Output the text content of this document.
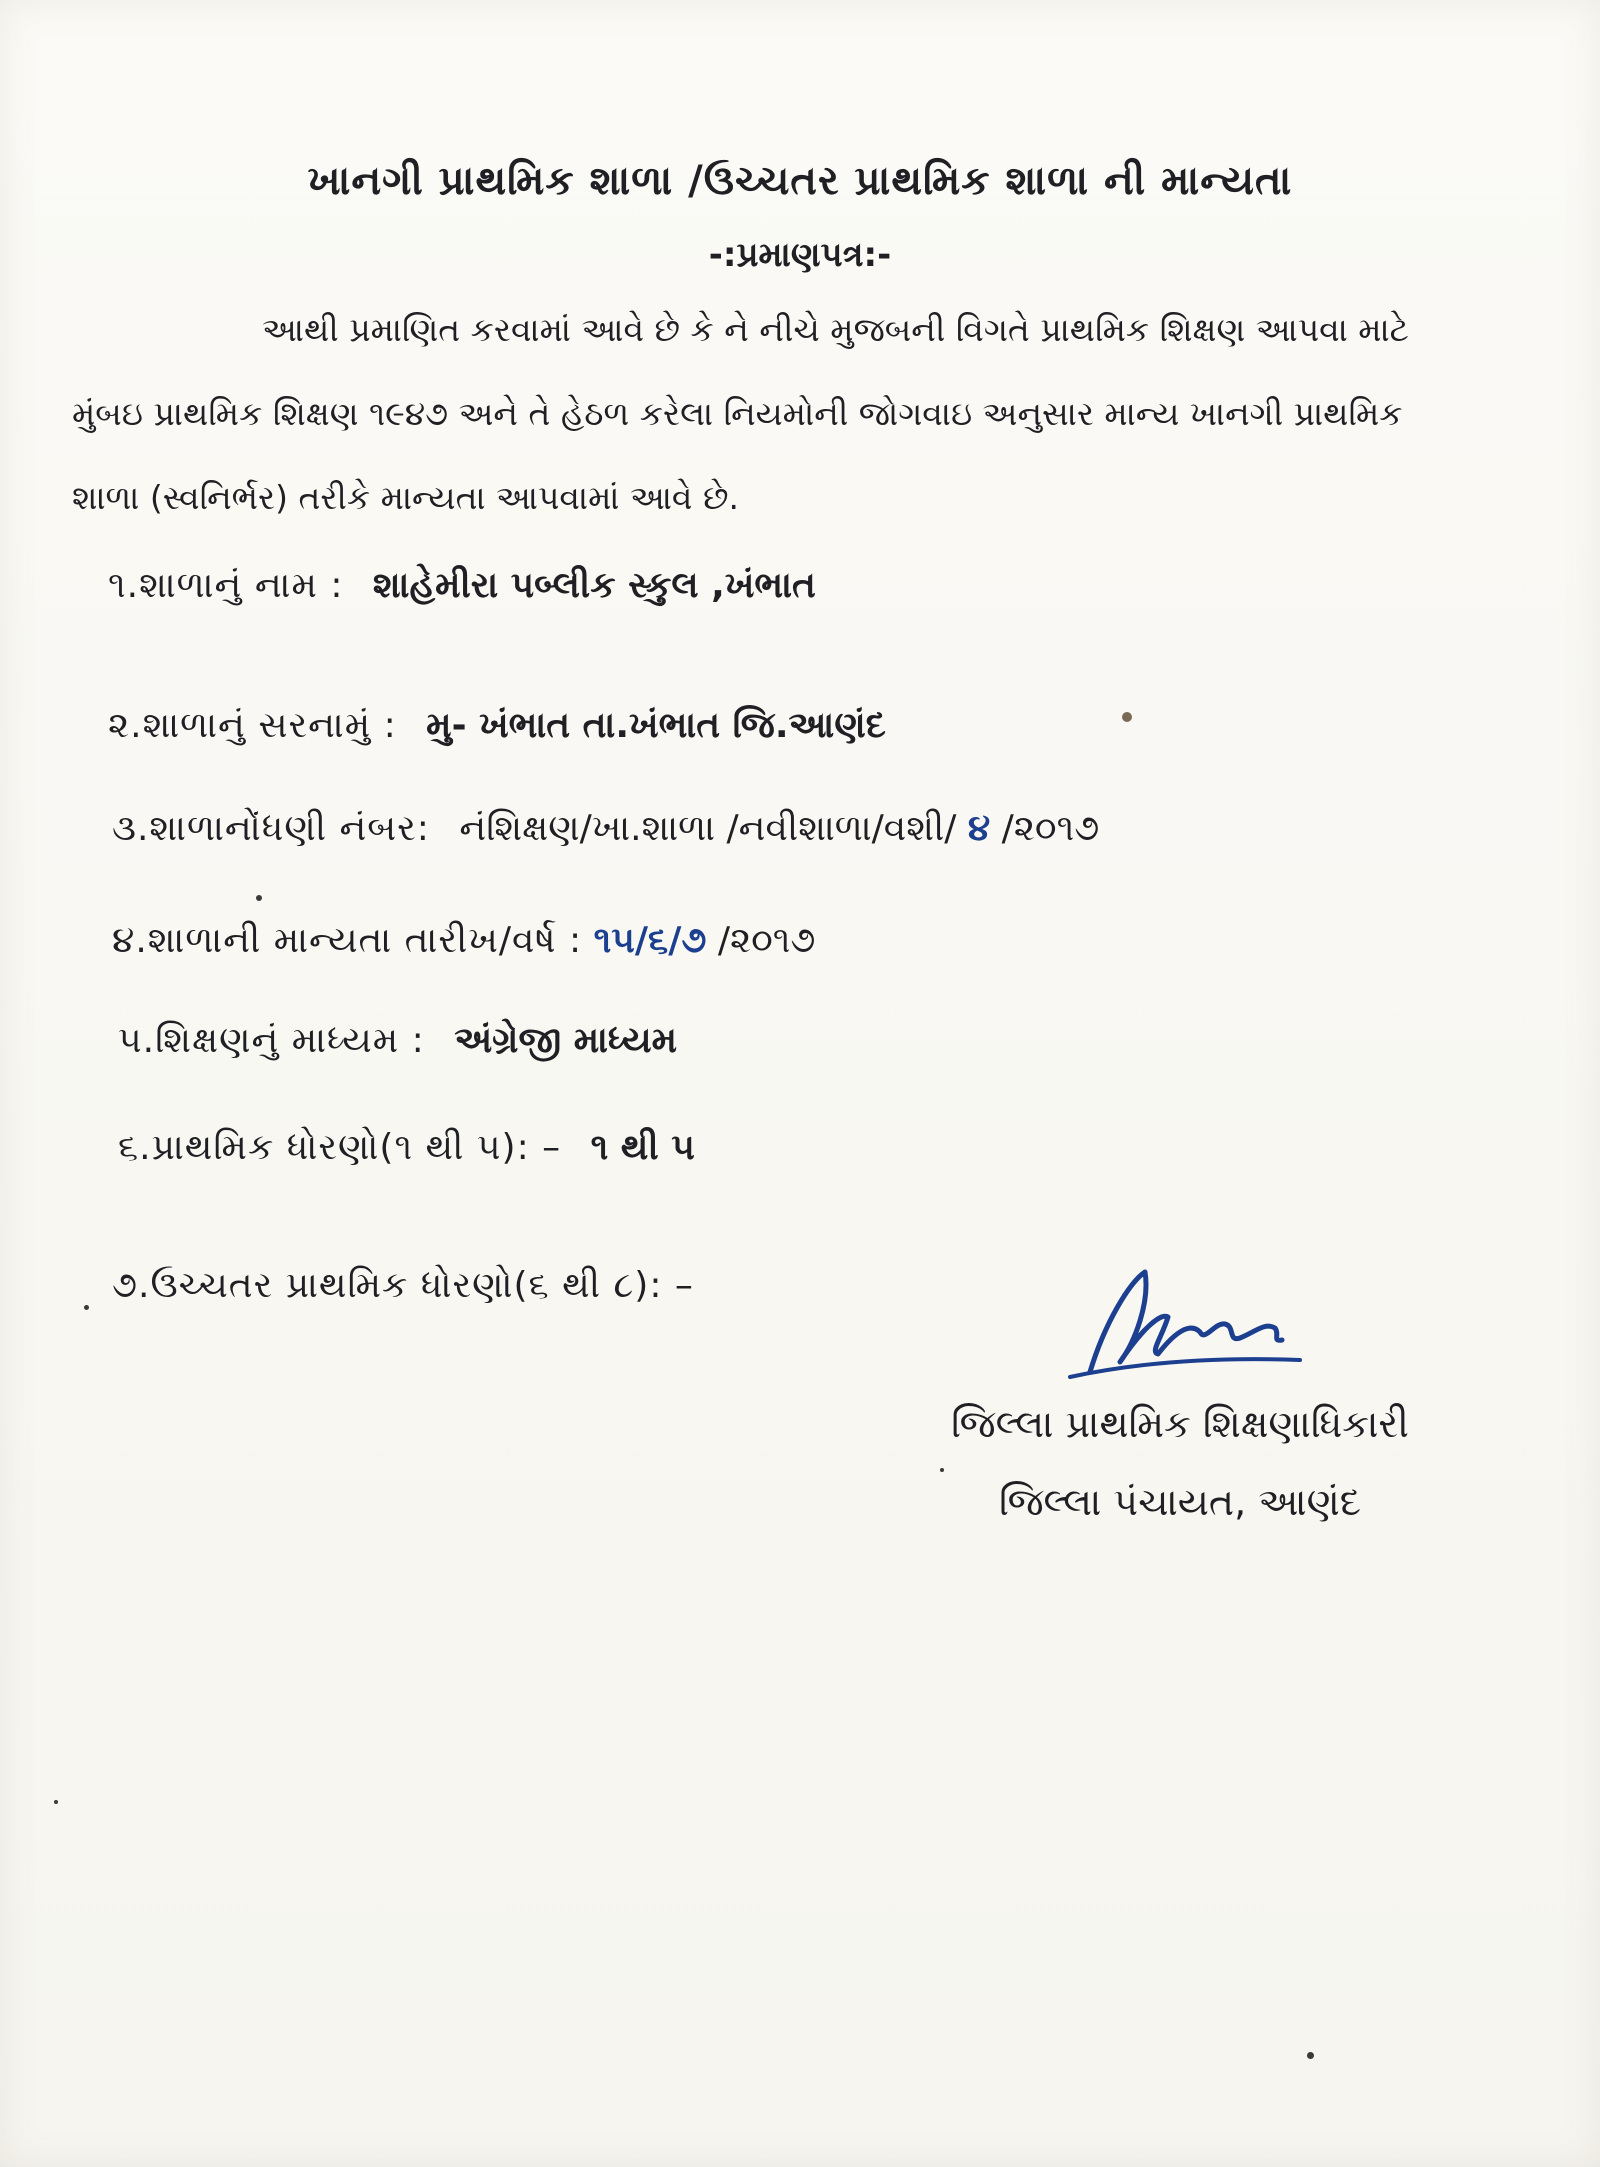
ખાનગી પ્રાથમિક શાળા /ઉચ્ચતર પ્રાથમિક શાળા ની માન્યતા
-:પ્રમાણપત્ર:-
આથી પ્રમાણિત કરવામાં આવે છે કે ને નીચે મુજબની વિગતે પ્રાથમિક શિક્ષણ આપવા માટે
મુંબઇ પ્રાથમિક શિક્ષણ ૧૯૪૭ અને તે હેઠળ કરેલા નિયમોની જોગવાઇ અનુસાર માન્ય ખાનગી પ્રાથમિક
શાળા (સ્વનિર્ભર) તરીકે માન્યતા આપવામાં આવે છે.
૧.શાળાનું નામ : શાહેમીરા પબ્લીક સ્કુલ ,ખંભાત
૨.શાળાનું સરનામું : મુ- ખંભાત તા.ખંભાત જિ.આણંદ
૩.શાળાનોંધણી નંબર: નંશિક્ષણ/ખા.શાળા /નવીશાળા/વશી/ ૪ /૨૦૧૭
૪.શાળાની માન્યતા તારીખ/વર્ષ : ૧૫/૬/૭ /૨૦૧૭
૫.શિક્ષણનું માધ્યમ : અંગ્રેજી માધ્યમ
૬.પ્રાથમિક ધોરણો(૧ થી ૫): – ૧ થી ૫
૭.ઉચ્ચતર પ્રાથમિક ધોરણો(૬ થી ૮): –
જિલ્લા પ્રાથમિક શિક્ષણાધિકારી
જિલ્લા પંચાયત, આણંદ
